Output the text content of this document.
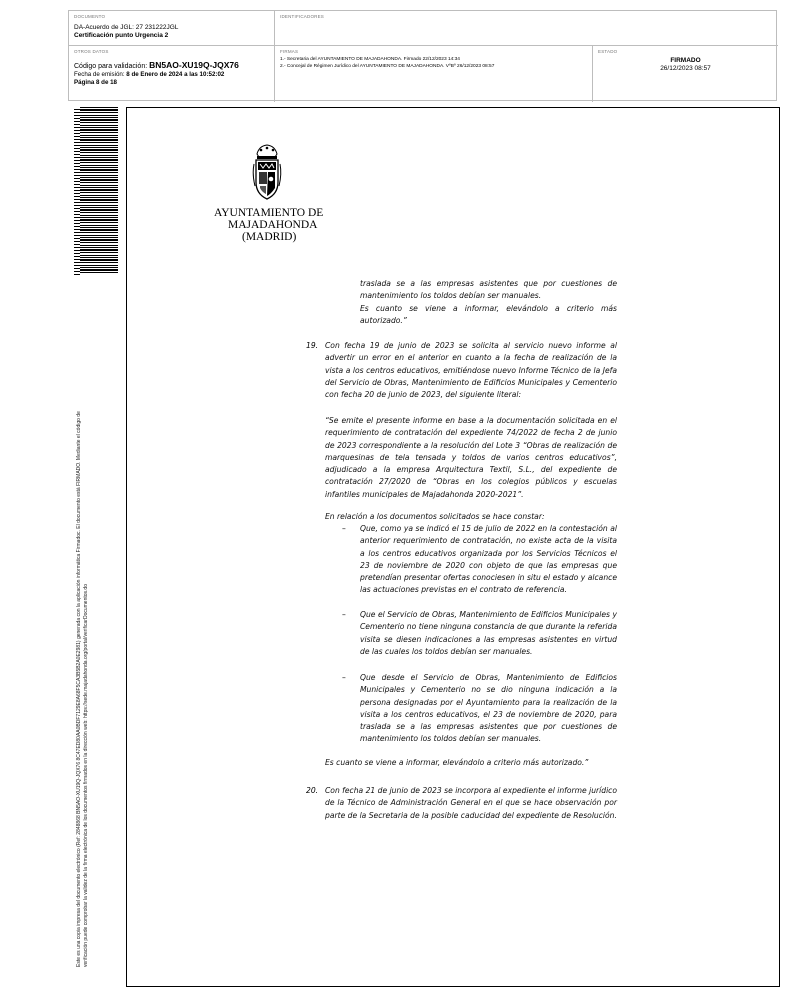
DOCUMENTO
DA-Acuerdo de JGL: 27 231222JGL
Certificación punto Urgencia 2
IDENTIFICADORES
OTROS DATOS
Código para validación: BN5AO-XU19Q-JQX76
Fecha de emisión: 8 de Enero de 2024 a las 10:52:02
Página 8 de 18
FIRMAS
1.- Secretaria del AYUNTAMIENTO DE MAJADAHONDA. Firmado 22/12/2023 14:34
2.- Concejal de Régimen Jurídico del AYUNTAMIENTO DE MAJADAHONDA. VºBº 26/12/2023 08:57
ESTADO
FIRMADO
26/12/2023 08:57
Este es una copia impresa del documento electrónico (Ref: 2848868 BN5AO-XU19Q-JQX76 8C47ED80AA0BDF7129E8A68F5CA3B5B2A0E2981) generada con la aplicación informática Firmadoc. El documento está FIRMADO. Mediante el código de verificación puede comprobar la validez de la firma electrónica de los documentos firmados en la dirección web: https://sede.majadahonda.org/portal/verificarDocumentos.do
AYUNTAMIENTO DE
MAJADAHONDA
(MADRID)
traslada se a las empresas asistentes que por cuestiones de mantenimiento los toldos debían ser manuales.
Es cuanto se viene a informar, elevándolo a criterio más autorizado.”
19. Con fecha 19 de junio de 2023 se solicita al servicio nuevo informe al advertir un error en el anterior en cuanto a la fecha de realización de la vista a los centros educativos, emitiéndose nuevo Informe Técnico de la Jefa del Servicio de Obras, Mantenimiento de Edificios Municipales y Cementerio con fecha 20 de junio de 2023, del siguiente literal:
“Se emite el presente informe en base a la documentación solicitada en el requerimiento de contratación del expediente 74/2022 de fecha 2 de junio de 2023 correspondiente a la resolución del Lote 3 “Obras de realización de marquesinas de tela tensada y toldos de varios centros educativos”, adjudicado a la empresa Arquitectura Textil, S.L., del expediente de contratación 27/2020 de “Obras en los colegios públicos y escuelas infantiles municipales de Majadahonda 2020-2021”.
En relación a los documentos solicitados se hace constar:
– Que, como ya se indicó el 15 de julio de 2022 en la contestación al anterior requerimiento de contratación, no existe acta de la visita a los centros educativos organizada por los Servicios Técnicos el 23 de noviembre de 2020 con objeto de que las empresas que pretendían presentar ofertas conociesen in situ el estado y alcance las actuaciones previstas en el contrato de referencia.
– Que el Servicio de Obras, Mantenimiento de Edificios Municipales y Cementerio no tiene ninguna constancia de que durante la referida visita se diesen indicaciones a las empresas asistentes en virtud de las cuales los toldos debían ser manuales.
– Que desde el Servicio de Obras, Mantenimiento de Edificios Municipales y Cementerio no se dio ninguna indicación a la persona designadas por el Ayuntamiento para la realización de la visita a los centros educativos, el 23 de noviembre de 2020, para traslada se a las empresas asistentes que por cuestiones de mantenimiento los toldos debían ser manuales.
Es cuanto se viene a informar, elevándolo a criterio más autorizado.”
20. Con fecha 21 de junio de 2023 se incorpora al expediente el informe jurídico de la Técnico de Administración General en el que se hace observación por parte de la Secretaria de la posible caducidad del expediente de Resolución.
